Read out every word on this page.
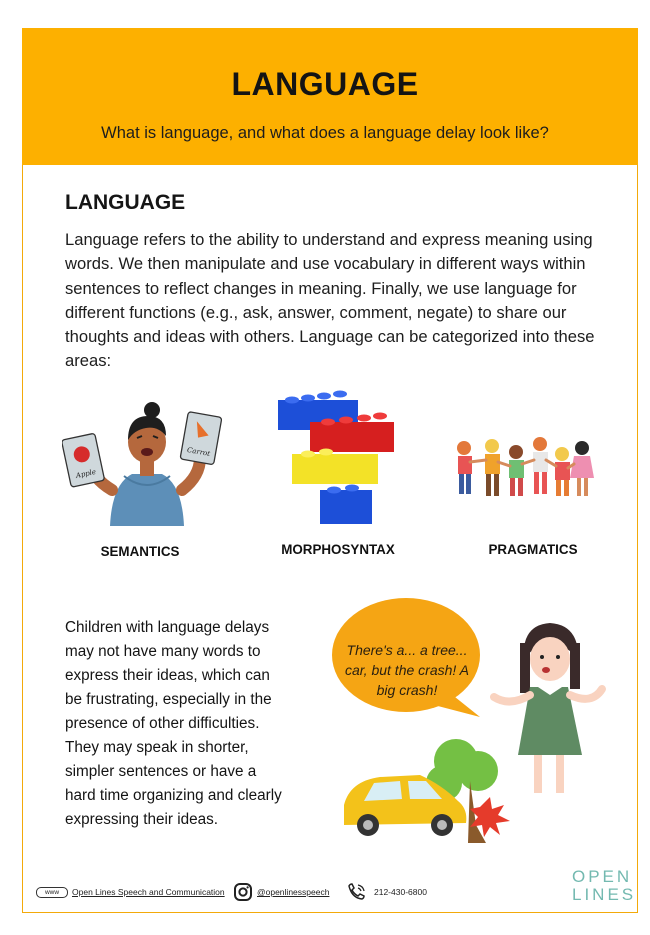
LANGUAGE
What is language, and what does a language delay look like?
LANGUAGE
Language refers to the ability to understand and express meaning using words. We then manipulate and use vocabulary in different ways within sentences to reflect changes in meaning. Finally, we use language for different functions (e.g., ask, answer, comment, negate) to share our thoughts and ideas with others. Language can be categorized into these areas:
Apple
Carrot
SEMANTICS	MORPHOSYNTAX	PRAGMATICS
Children with language delays may not have many words to express their ideas, which can be frustrating, especially in the presence of other difficulties. They may speak in shorter, simpler sentences or have a hard time organizing and clearly expressing their ideas.
There's a... a tree... car, but the crash! A big crash!
www Open Lines Speech and Communication	@openlinesspeech	212-430-6800
OPEN
LINES
